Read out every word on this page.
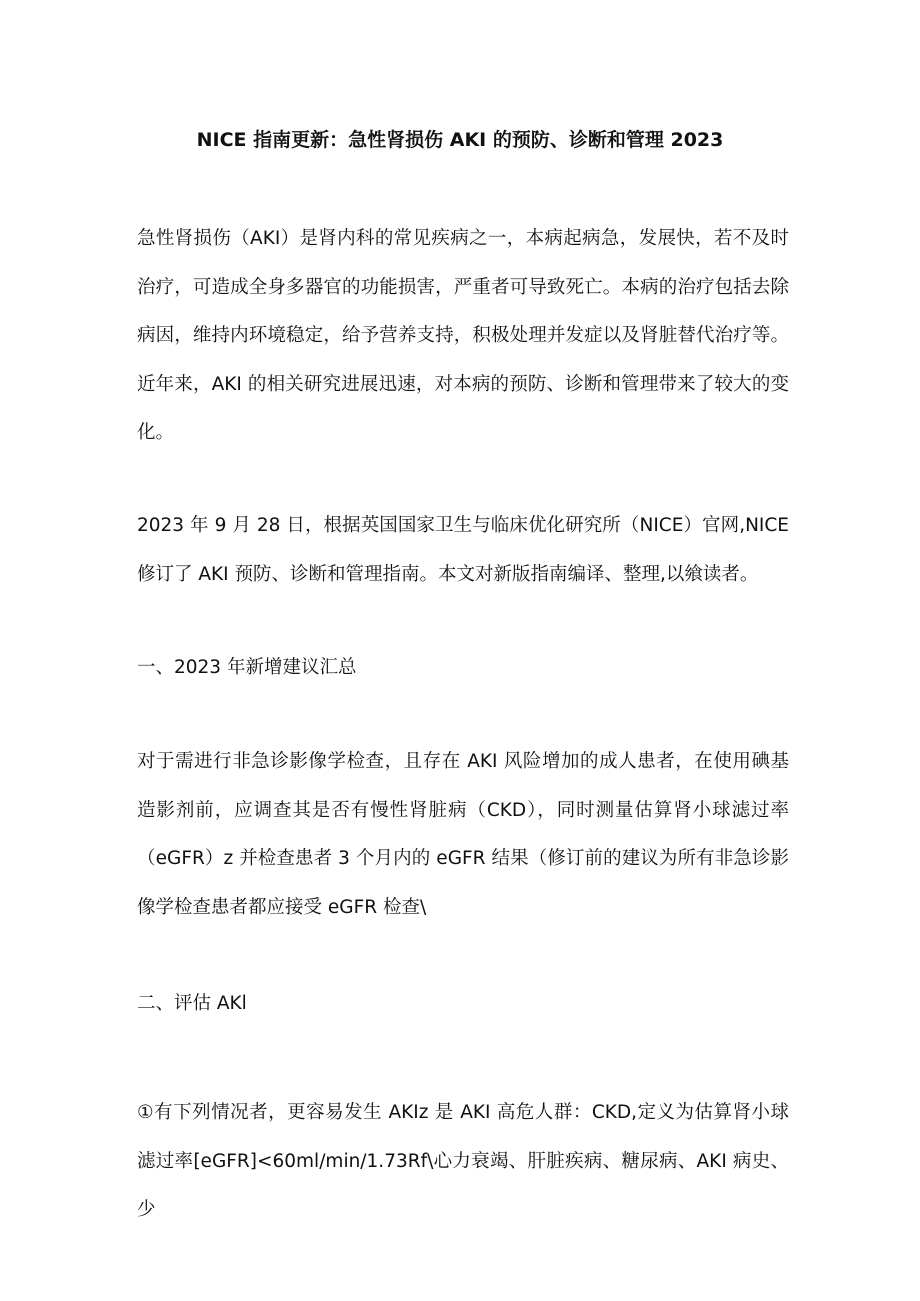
NICE 指南更新：急性肾损伤 AKI 的预防、诊断和管理 2023

急性肾损伤（AKI）是肾内科的常见疾病之一，本病起病急，发展快，若不及时治疗，可造成全身多器官的功能损害，严重者可导致死亡。本病的治疗包括去除病因，维持内环境稳定，给予营养支持，积极处理并发症以及肾脏替代治疗等。近年来，AKI 的相关研究进展迅速，对本病的预防、诊断和管理带来了较大的变化。

2023 年 9 月 28 日，根据英国国家卫生与临床优化研究所（NICE）官网,NICE 修订了 AKI 预防、诊断和管理指南。本文对新版指南编译、整理,以飨读者。

一、2023 年新增建议汇总

对于需进行非急诊影像学检查，且存在 AKI 风险增加的成人患者，在使用碘基造影剂前，应调查其是否有慢性肾脏病（CKD），同时测量估算肾小球滤过率（eGFR）z 并检查患者 3 个月内的 eGFR 结果（修订前的建议为所有非急诊影像学检查患者都应接受 eGFR 检查\

二、评估 AKl

①有下列情况者，更容易发生 AKIz 是 AKI 高危人群：CKD,定义为估算肾小球滤过率[eGFR]<60ml/min/1.73Rf\心力衰竭、肝脏疾病、糖尿病、AKI 病史、少
